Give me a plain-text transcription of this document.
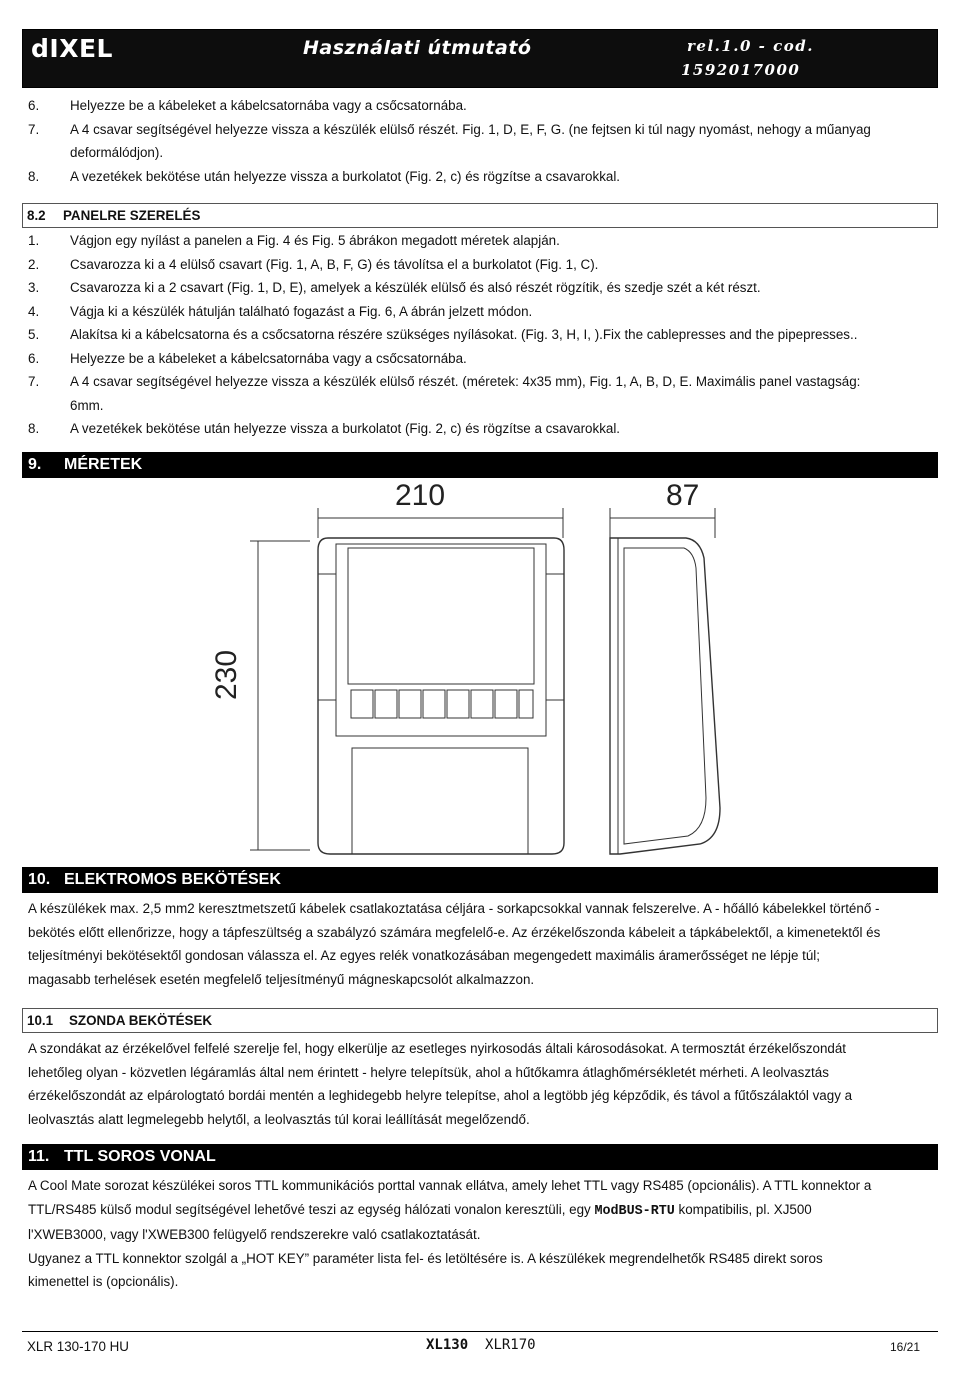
dIXEL	Használati útmutató	rel.1.0 - cod.
1592017000
6. Helyezze be a kábeleket a kábelcsatornába vagy a csőcsatornába.
7. A 4 csavar segítségével helyezze vissza a készülék elülső részét. Fig. 1, D, E, F, G. (ne fejtsen ki túl nagy nyomást, nehogy a műanyag
deformálódjon).
8. A vezetékek bekötése után helyezze vissza a burkolatot (Fig. 2, c) és rögzítse a csavarokkal.
8.2 PANELRE SZERELÉS
1. Vágjon egy nyílást a panelen a Fig. 4 és Fig. 5 ábrákon megadott méretek alapján.
2. Csavarozza ki a 4 elülső csavart (Fig. 1, A, B, F, G) és távolítsa el a burkolatot (Fig. 1, C).
3. Csavarozza ki a 2 csavart (Fig. 1, D, E), amelyek a készülék elülső és alsó részét rögzítik, és szedje szét a két részt.
4. Vágja ki a készülék hátulján található fogazást a Fig. 6, A ábrán jelzett módon.
5. Alakítsa ki a kábelcsatorna és a csőcsatorna részére szükséges nyílásokat. (Fig. 3, H, I, ).Fix the cablepresses and the pipepresses..
6. Helyezze be a kábeleket a kábelcsatornába vagy a csőcsatornába.
7. A 4 csavar segítségével helyezze vissza a készülék elülső részét. (méretek: 4x35 mm), Fig. 1, A, B, D, E. Maximális panel vastagság:
6mm.
8. A vezetékek bekötése után helyezze vissza a burkolatot (Fig. 2, c) és rögzítse a csavarokkal.
9. MÉRETEK
210	87
230
10. ELEKTROMOS BEKÖTÉSEK
A készülékek max. 2,5 mm2 keresztmetszetű kábelek csatlakoztatása céljára - sorkapcsokkal vannak felszerelve. A - hőálló kábelekkel történő -
bekötés előtt ellenőrizze, hogy a tápfeszültség a szabályzó számára megfelelő-e. Az érzékelőszonda kábeleit a tápkábelektől, a kimenetektől és
teljesítményi bekötésektől gondosan válassza el. Az egyes relék vonatkozásában megengedett maximális áramerősséget ne lépje túl;
magasabb terhelések esetén megfelelő teljesítményű mágneskapcsolót alkalmazzon.
10.1 SZONDA BEKÖTÉSEK
A szondákat az érzékelővel felfelé szerelje fel, hogy elkerülje az esetleges nyirkosodás általi károsodásokat. A termosztát érzékelőszondát
lehetőleg olyan - közvetlen légáramlás által nem érintett - helyre telepítsük, ahol a hűtőkamra átlaghőmérsékletét mérheti. A leolvasztás
érzékelőszondát az elpárologtató bordái mentén a leghidegebb helyre telepítse, ahol a legtöbb jég képződik, és távol a fűtőszálaktól vagy a
leolvasztás alatt legmelegebb helytől, a leolvasztás túl korai leállítását megelőzendő.
11. TTL SOROS VONAL
A Cool Mate sorozat készülékei soros TTL kommunikációs porttal vannak ellátva, amely lehet TTL vagy RS485 (opcionális). A TTL konnektor a
TTL/RS485 külső modul segítségével lehetővé teszi az egység hálózati vonalon keresztüli, egy ModBUS-RTU kompatibilis, pl. XJ500
l'XWEB3000, vagy l'XWEB300 felügyelő rendszerekre való csatlakoztatását.
Ugyanez a TTL konnektor szolgál a „HOT KEY” paraméter lista fel- és letöltésére is. A készülékek megrendelhetők RS485 direkt soros
kimenettel is (opcionális).
XLR 130-170 HU	XL130 XLR170	16/21
